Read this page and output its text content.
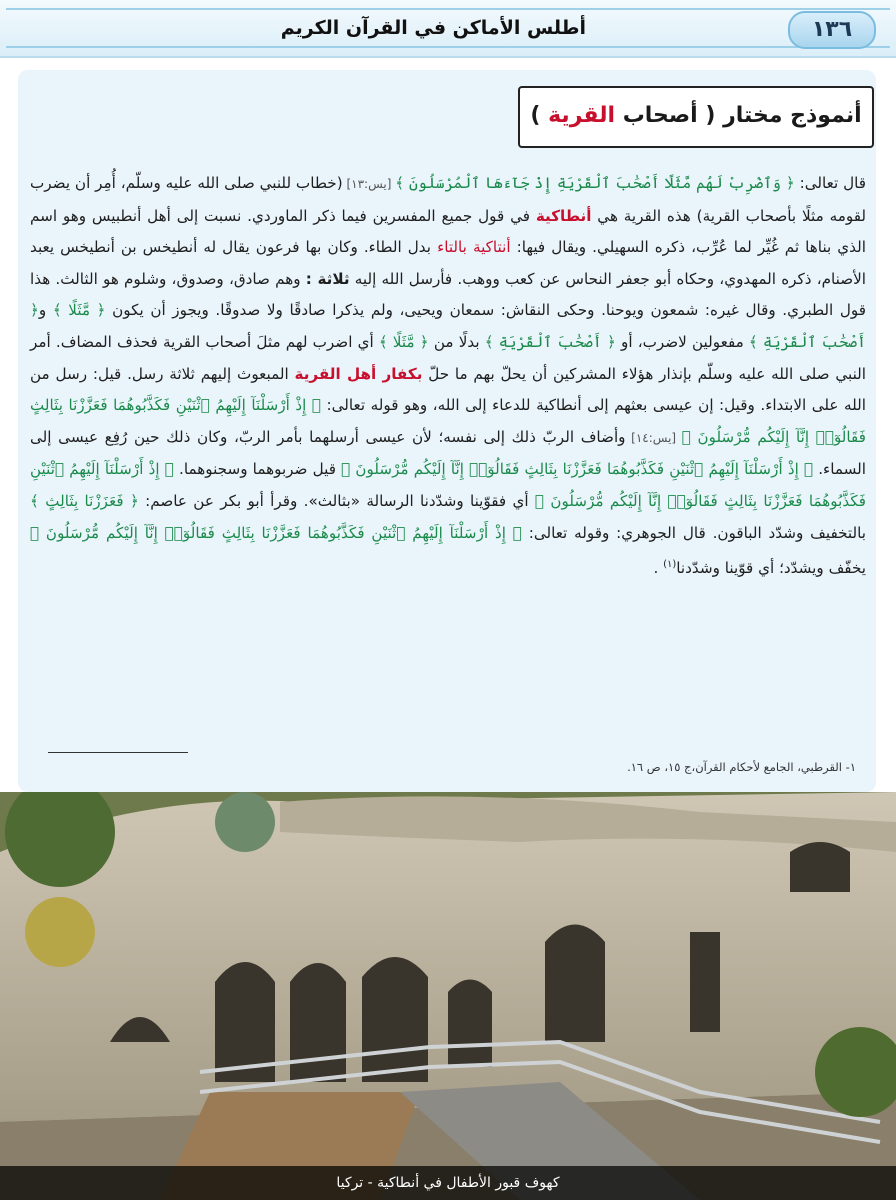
أطلس الأماكن في القرآن الكريم	١٣٦
أنموذج مختار ( أصحاب القرية )
قال تعالى: ﴿ وَٱضْرِبْ لَهُم مَّثَلًا أَصْحَٰبَ ٱلْقَرْيَةِ إِذْ جَآءَهَا ٱلْمُرْسَلُونَ ﴾ [يس:١٣] (خطاب للنبي صلى الله عليه وسلّم، أُمِر أن يضرب لقومه مثلًا بأصحاب القرية) هذه القرية هي أنطاكية في قول جميع المفسرين فيما ذكر الماوردي. نسبت إلى أهل أنطبيس وهو اسم الذي بناها ثم غُيِّر لما عُرِّب، ذكره السهيلي. ويقال فيها: أنتاكية بالتاء بدل الطاء. وكان بها فرعون يقال له أنطيخس بن أنطيخس يعبد الأصنام، ذكره المهدوي، وحكاه أبو جعفر النحاس عن كعب ووهب. فأرسل الله إليه ثلاثة : وهم صادق، وصدوق، وشلوم هو الثالث. هذا قول الطبري. وقال غيره: شمعون ويوحنا. وحكى النقاش: سمعان ويحيى، ولم يذكرا صادقًا ولا صدوقًا. ويجوز أن يكون ﴿ مَّثَلًا ﴾ و﴿ أَصْحَٰبَ ٱلْقَرْيَةِ ﴾ مفعولين لاضرب، أو ﴿ أَصْحَٰبَ ٱلْقَرْيَةِ ﴾ بدلًا من ﴿ مَّثَلًا ﴾ أي اضرب لهم مثلَ أصحاب القرية فحذف المضاف. أمر النبي صلى الله عليه وسلّم بإنذار هؤلاء المشركين أن يحلّ بهم ما حلّ بكفار أهل القرية المبعوث إليهم ثلاثة رسل. قيل: رسل من الله على الابتداء. وقيل: إن عيسى بعثهم إلى أنطاكية للدعاء إلى الله، وهو قوله تعالى: ﴿ إِذْ أَرْسَلْنَآ إِلَيْهِمُ ٱثْنَيْنِ فَكَذَّبُوهُمَا فَعَزَّزْنَا بِثَالِثٍ فَقَالُوٓا۟ إِنَّآ إِلَيْكُم مُّرْسَلُونَ ﴾ [يس:١٤] وأضاف الربّ ذلك إلى نفسه؛ لأن عيسى أرسلهما بأمر الربّ، وكان ذلك حين رُفِع عيسى إلى السماء. ﴿ إِذْ أَرْسَلْنَآ إِلَيْهِمُ ٱثْنَيْنِ فَكَذَّبُوهُمَا فَعَزَّزْنَا بِثَالِثٍ فَقَالُوٓا۟ إِنَّآ إِلَيْكُم مُّرْسَلُونَ ﴾ قيل ضربوهما وسجنوهما. ﴿ إِذْ أَرْسَلْنَآ إِلَيْهِمُ ٱثْنَيْنِ فَكَذَّبُوهُمَا فَعَزَّزْنَا بِثَالِثٍ فَقَالُوٓا۟ إِنَّآ إِلَيْكُم مُّرْسَلُونَ ﴾ أي فقوّينا وشدّدنا الرسالة «بثالث». وقرأ أبو بكر عن عاصم: ﴿ فَعَزَزْنَا بِثَالِثٍ ﴾ بالتخفيف وشدّد الباقون. قال الجوهري: وقوله تعالى: ﴿ إِذْ أَرْسَلْنَآ إِلَيْهِمُ ٱثْنَيْنِ فَكَذَّبُوهُمَا فَعَزَّزْنَا بِثَالِثٍ فَقَالُوٓا۟ إِنَّآ إِلَيْكُم مُّرْسَلُونَ ﴾ يخفّف ويشدّد؛ أي قوّينا وشدّدنا$^{(١)}$ .
١- القرطبي، الجامع لأحكام القرآن،ج ١٥، ص ١٦.
كهوف قبور الأطفال في أنطاكية - تركيا
